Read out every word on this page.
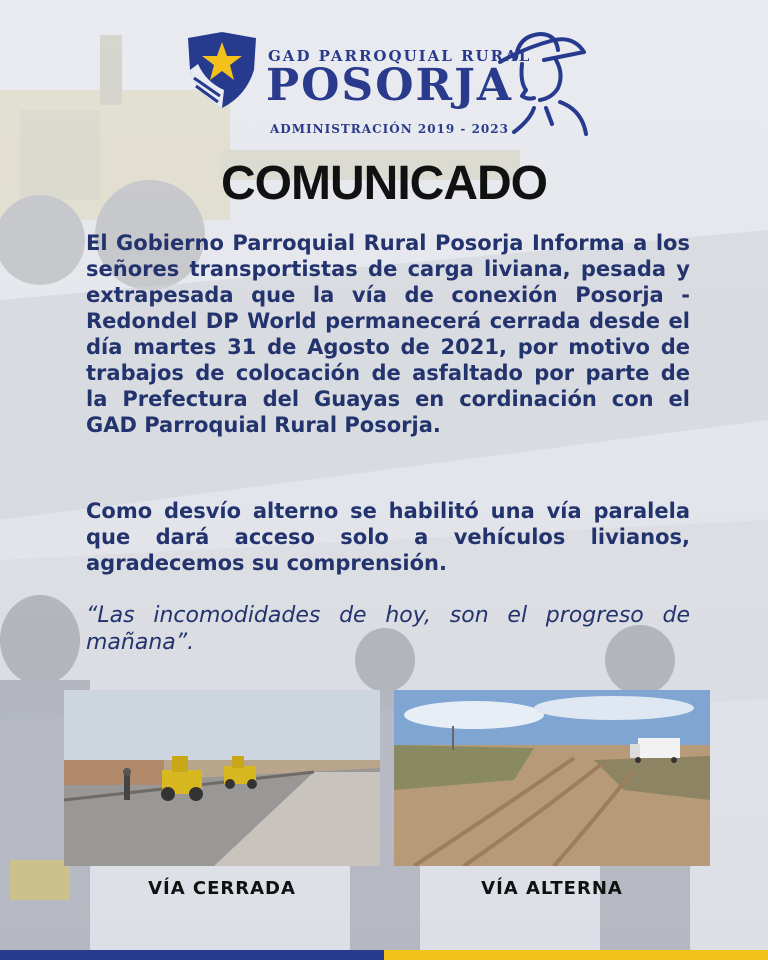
GAD PARROQUIAL RURAL
POSORJA
ADMINISTRACIÓN 2019 - 2023
COMUNICADO
El Gobierno Parroquial Rural Posorja Informa a los señores transportistas de carga liviana, pesada y extrapesada que la vía de conexión Posorja - Redondel DP World permanecerá cerrada desde el día martes 31 de Agosto de 2021, por motivo de trabajos de colocación de asfaltado por parte de la Prefectura del Guayas en cordinación con el GAD Parroquial Rural Posorja.
Como desvío alterno se habilitó una vía paralela que dará acceso solo a vehículos livianos, agradecemos su comprensión.
“Las incomodidades de hoy, son el progreso de mañana”.
VÍA CERRADA	VÍA ALTERNA
